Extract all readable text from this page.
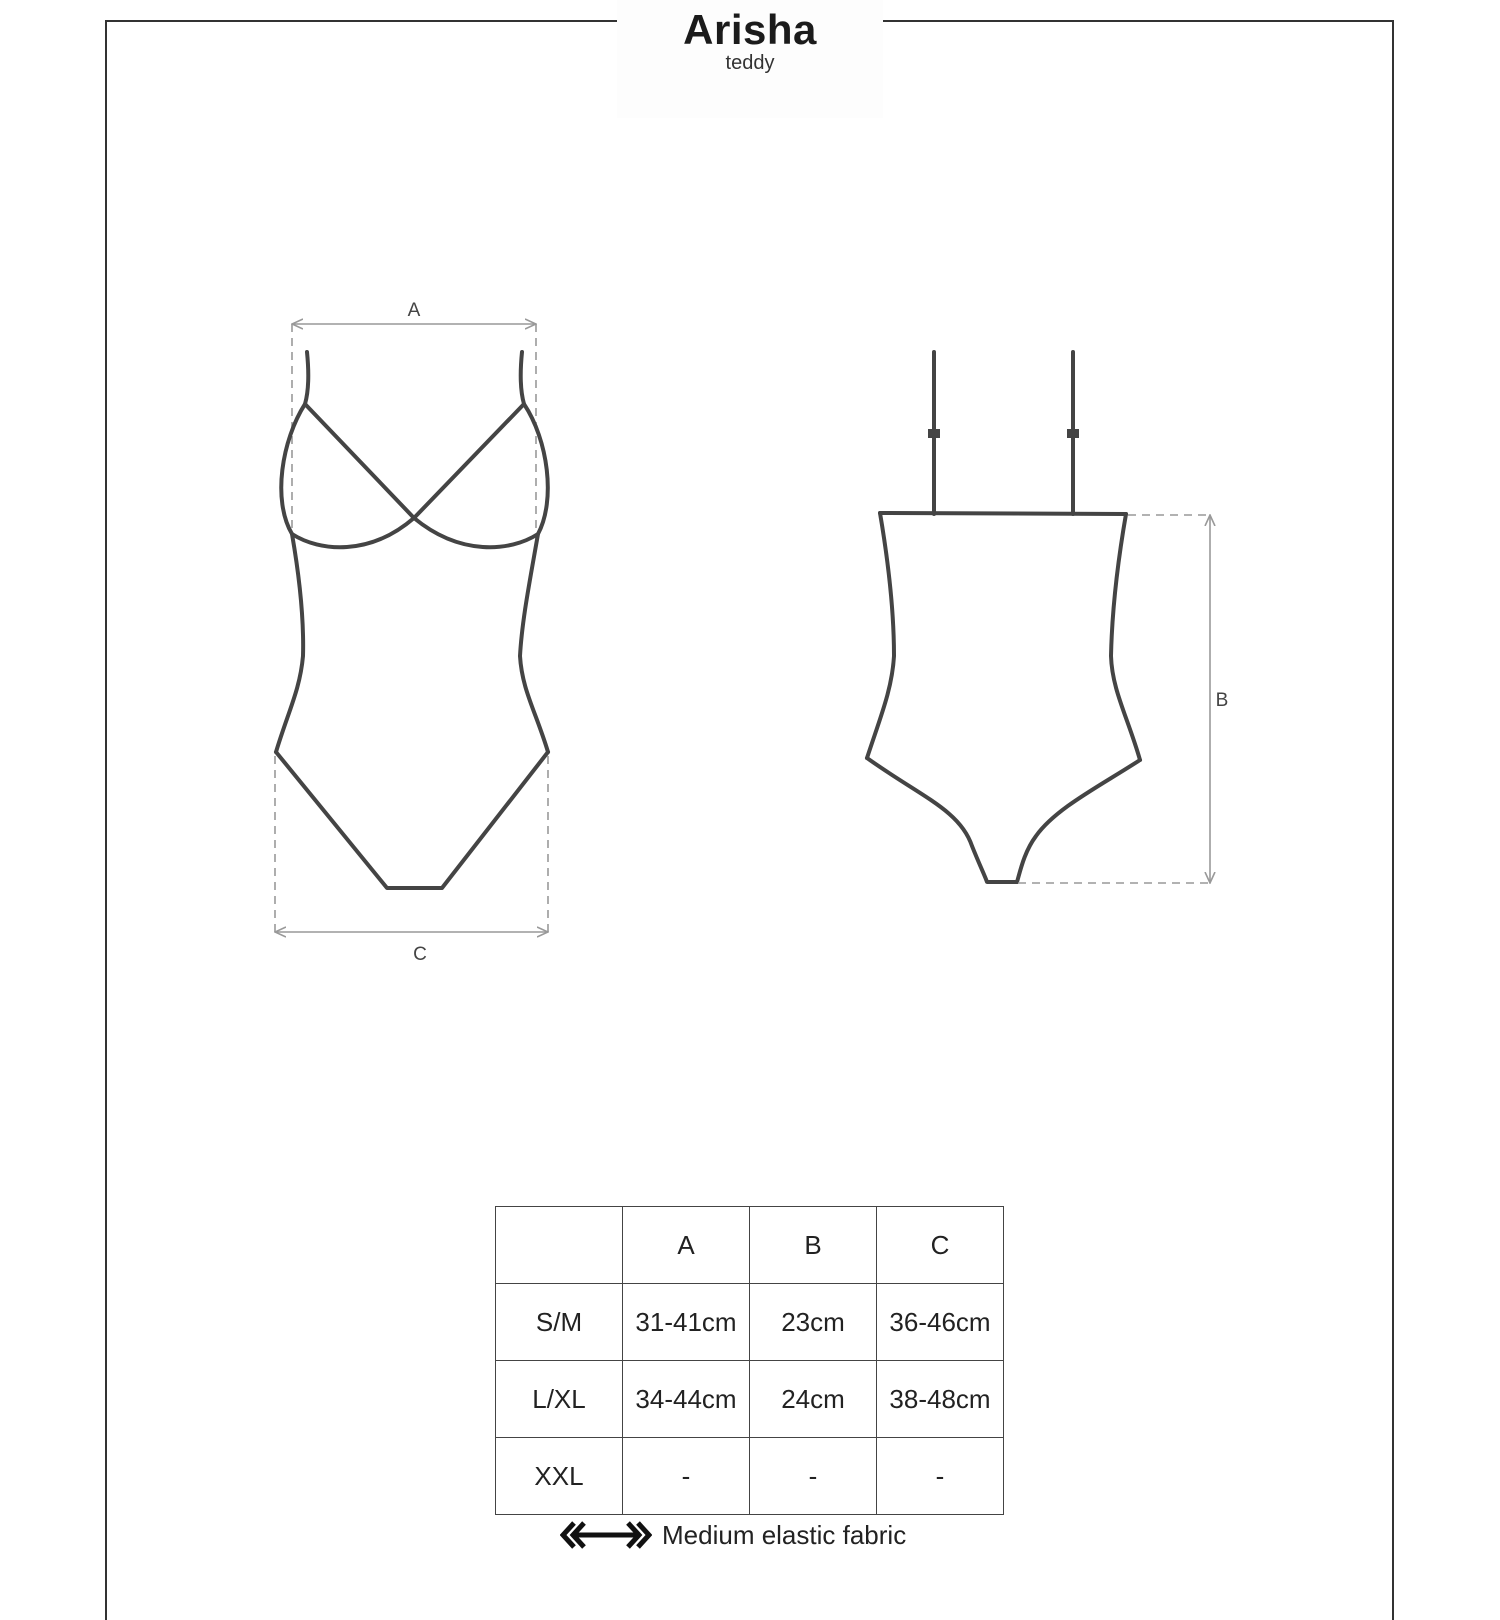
Arisha
teddy
A
C
B
	A	B	C
S/M	31-41cm	23cm	36-46cm
L/XL	34-44cm	24cm	38-48cm
XXL	-	-	-
Medium elastic fabric
